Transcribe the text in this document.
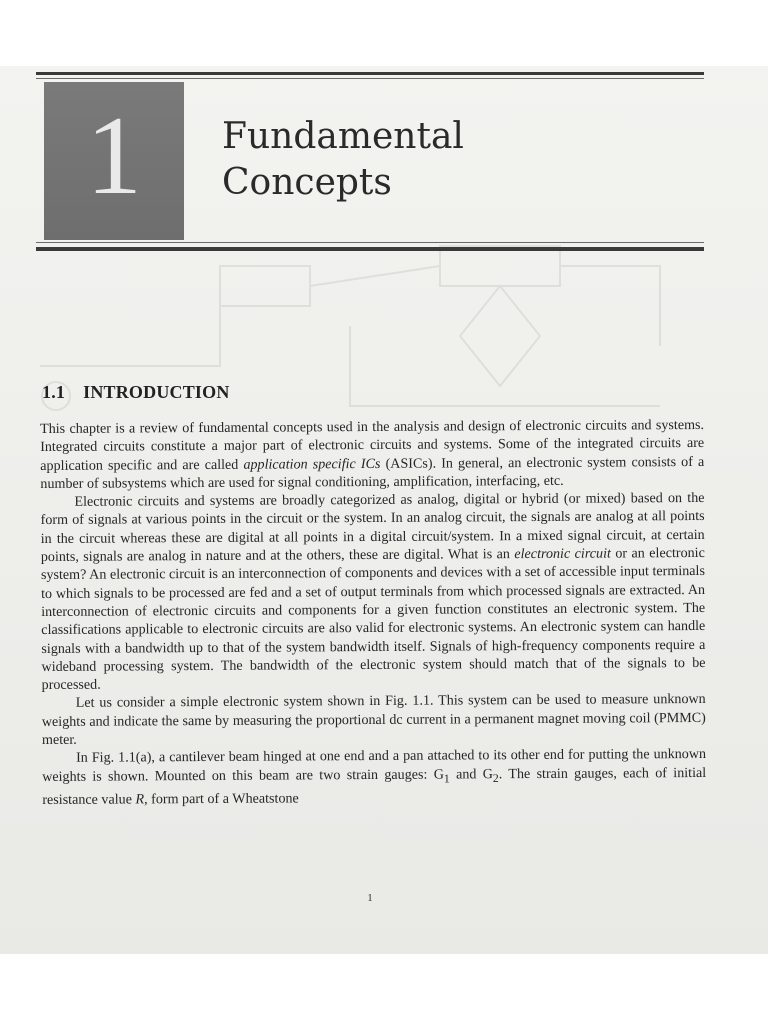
1	Fundamental
Concepts
1.1 INTRODUCTION

This chapter is a review of fundamental concepts used in the analysis and design of electronic circuits and systems. Integrated circuits constitute a major part of electronic circuits and systems. Some of the integrated circuits are application specific and are called application specific ICs (ASICs). In general, an electronic system consists of a number of subsystems which are used for signal conditioning, amplification, interfacing, etc.

Electronic circuits and systems are broadly categorized as analog, digital or hybrid (or mixed) based on the form of signals at various points in the circuit or the system. In an analog circuit, the signals are analog at all points in the circuit whereas these are digital at all points in a digital circuit/system. In a mixed signal circuit, at certain points, signals are analog in nature and at the others, these are digital. What is an electronic circuit or an electronic system? An electronic circuit is an interconnection of components and devices with a set of accessible input terminals to which signals to be processed are fed and a set of output terminals from which processed signals are extracted. An interconnection of electronic circuits and components for a given function constitutes an electronic system. The classifications applicable to electronic circuits are also valid for electronic systems. An electronic system can handle signals with a bandwidth up to that of the system bandwidth itself. Signals of high-frequency components require a wideband processing system. The bandwidth of the electronic system should match that of the signals to be processed.

Let us consider a simple electronic system shown in Fig. 1.1. This system can be used to measure unknown weights and indicate the same by measuring the proportional dc current in a permanent magnet moving coil (PMMC) meter.

In Fig. 1.1(a), a cantilever beam hinged at one end and a pan attached to its other end for putting the unknown weights is shown. Mounted on this beam are two strain gauges: $G_1$ and $G_2$. The strain gauges, each of initial resistance value R, form part of a Wheatstone

1
